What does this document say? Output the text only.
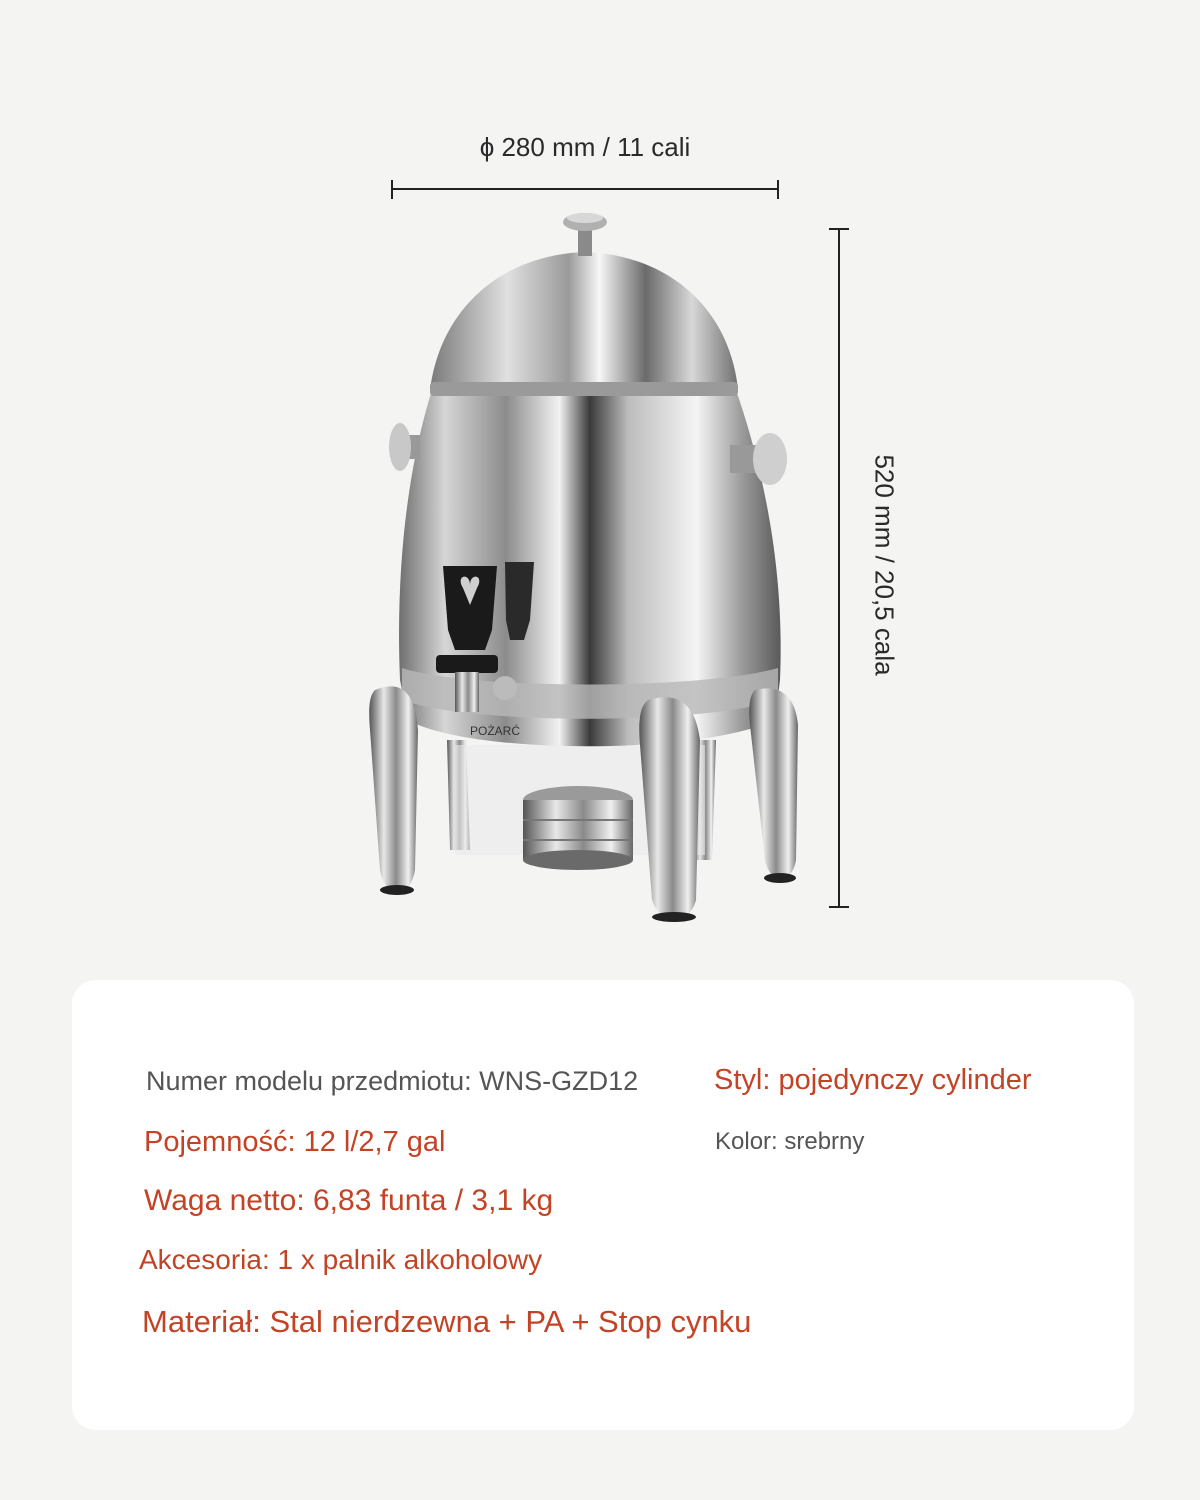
ϕ 280 mm / 11 cali
520 mm / 20,5 cala
POŻARĆ
Numer modelu przedmiotu: WNS-GZD12	Styl: pojedynczy cylinder
Pojemność: 12 l/2,7 gal	Kolor: srebrny
Waga netto: 6,83 funta / 3,1 kg
Akcesoria: 1 x palnik alkoholowy
Materiał: Stal nierdzewna + PA + Stop cynku
